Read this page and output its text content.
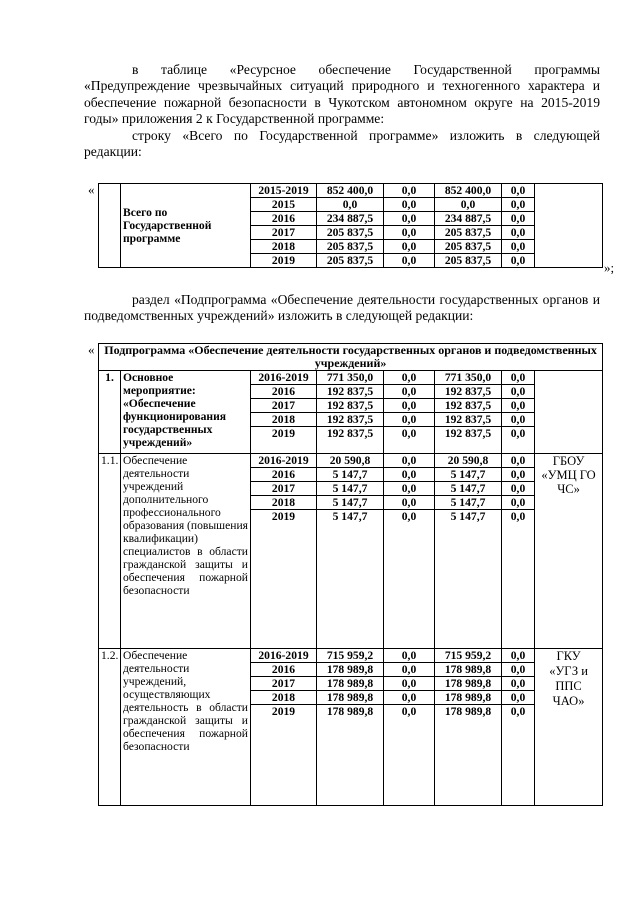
в таблице «Ресурсное обеспечение Государственной программы «Предупреждение чрезвычайных ситуаций природного и техногенного характера и обеспечение пожарной безопасности в Чукотском автономном округе на 2015-2019 годы» приложения 2 к Государственной программе:
строку «Всего по Государственной программе» изложить в следующей редакции:
«
	Всего по Государственной программе	2015-2019	852 400,0	0,0	852 400,0	0,0	
		2015	0,0	0,0	0,0	0,0	
		2016	234 887,5	0,0	234 887,5	0,0	
		2017	205 837,5	0,0	205 837,5	0,0	
		2018	205 837,5	0,0	205 837,5	0,0	
		2019	205 837,5	0,0	205 837,5	0,0		»;
раздел «Подпрограмма «Обеспечение деятельности государственных органов и подведомственных учреждений» изложить в следующей редакции:
« Подпрограмма «Обеспечение деятельности государственных органов и подведомственных учреждений»							
1.	Основное мероприятие: «Обеспечение функционирования государственных учреждений»	2016-2019	771 350,0	0,0	771 350,0	0,0	
		2016	192 837,5	0,0	192 837,5	0,0	
		2017	192 837,5	0,0	192 837,5	0,0	
		2018	192 837,5	0,0	192 837,5	0,0	
		2019	192 837,5	0,0	192 837,5	0,0	
1.1.	Обеспечение деятельности учреждений дополнительного профессионального образования (повышения квалификации) специалистов в области гражданской защиты и обеспечения пожарной безопасности	2016-2019	20 590,8	0,0	20 590,8	0,0	ГБОУ «УМЦ ГО ЧС»
		2016	5 147,7	0,0	5 147,7	0,0	
		2017	5 147,7	0,0	5 147,7	0,0	
		2018	5 147,7	0,0	5 147,7	0,0	
		2019	5 147,7	0,0	5 147,7	0,0	
1.2.	Обеспечение деятельности учреждений, осуществляющих деятельность в области гражданской защиты и обеспечения пожарной безопасности	2016-2019	715 959,2	0,0	715 959,2	0,0	ГКУ «УГЗ и ППС ЧАО»
		2016	178 989,8	0,0	178 989,8	0,0	
		2017	178 989,8	0,0	178 989,8	0,0	
		2018	178 989,8	0,0	178 989,8	0,0	
		2019	178 989,8	0,0	178 989,8	0,0	
